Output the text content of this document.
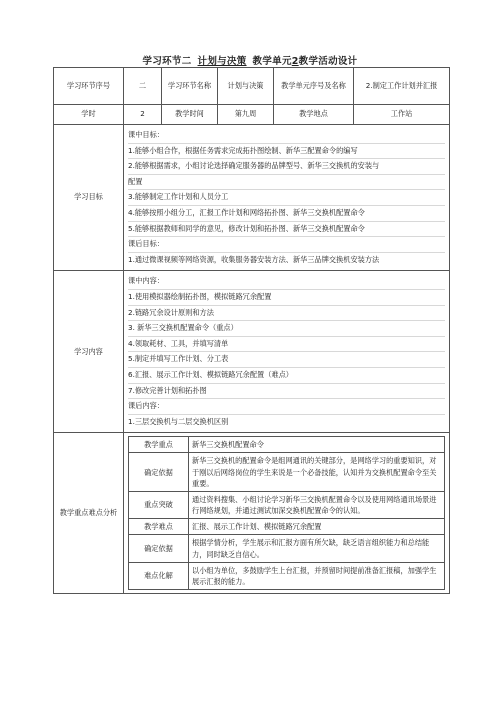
学习环节二 计划与决策 教学单元2教学活动设计
学习环节序号	二	学习环节名称	计划与决策	教学单元序号及名称	2.制定工作计划并汇报
学时	2	教学时间	第九周	教学地点	工作站
学习目标	

课中目标：

1.能够小组合作，根据任务需求完成拓扑图绘制、新华三配置命令的编写

2.能够根据需求，小组讨论选择确定服务器的品牌型号、新华三交换机的安装与

配置

3.能够制定工作计划和人员分工

4.能够按照小组分工，汇报工作计划和网络拓扑图、新华三交换机配置命令

5.能够根据教师和同学的意见，修改计划和拓扑图、新华三交换机配置命令

课后目标：

1.通过微课视频等网络资源，收集服务器安装方法、新华三品牌交换机安装方法

学习内容	

课中内容：

1.使用模拟器绘制拓扑图，模拟链路冗余配置

2.链路冗余设计原则和方法

3. 新华三交换机配置命令（重点）

4.领取耗材、工具，并填写清单

5.制定并填写工作计划、分工表

6.汇报、展示工作计划、模拟链路冗余配置（难点）

7.修改完善计划和拓扑图

课后内容：

1.三层交换机与二层交换机区别

教学重点难点分析	
教学重点	新华三交换机配置命令
确定依据	新华三交换机的配置命令是组网通讯的关键部分，是网络学习的重要知识，对于刚以后网络岗位的学生来说是一个必备技能，认知并为交换机配置命令至关重要。
重点突破	通过资料搜集、小组讨论学习新华三交换机配置命令以及使用网络通讯场景进行网络规划，并通过测试加深交换机配置命令的认知。
教学难点	汇报、展示工作计划、模拟链路冗余配置
确定依据	根据学情分析，学生展示和汇报方面有所欠缺，缺乏语言组织能力和总结能力，同时缺乏自信心。
难点化解	以小组为单位，多鼓励学生上台汇报，并预留时间提前准备汇报稿，加强学生展示汇报的能力。
